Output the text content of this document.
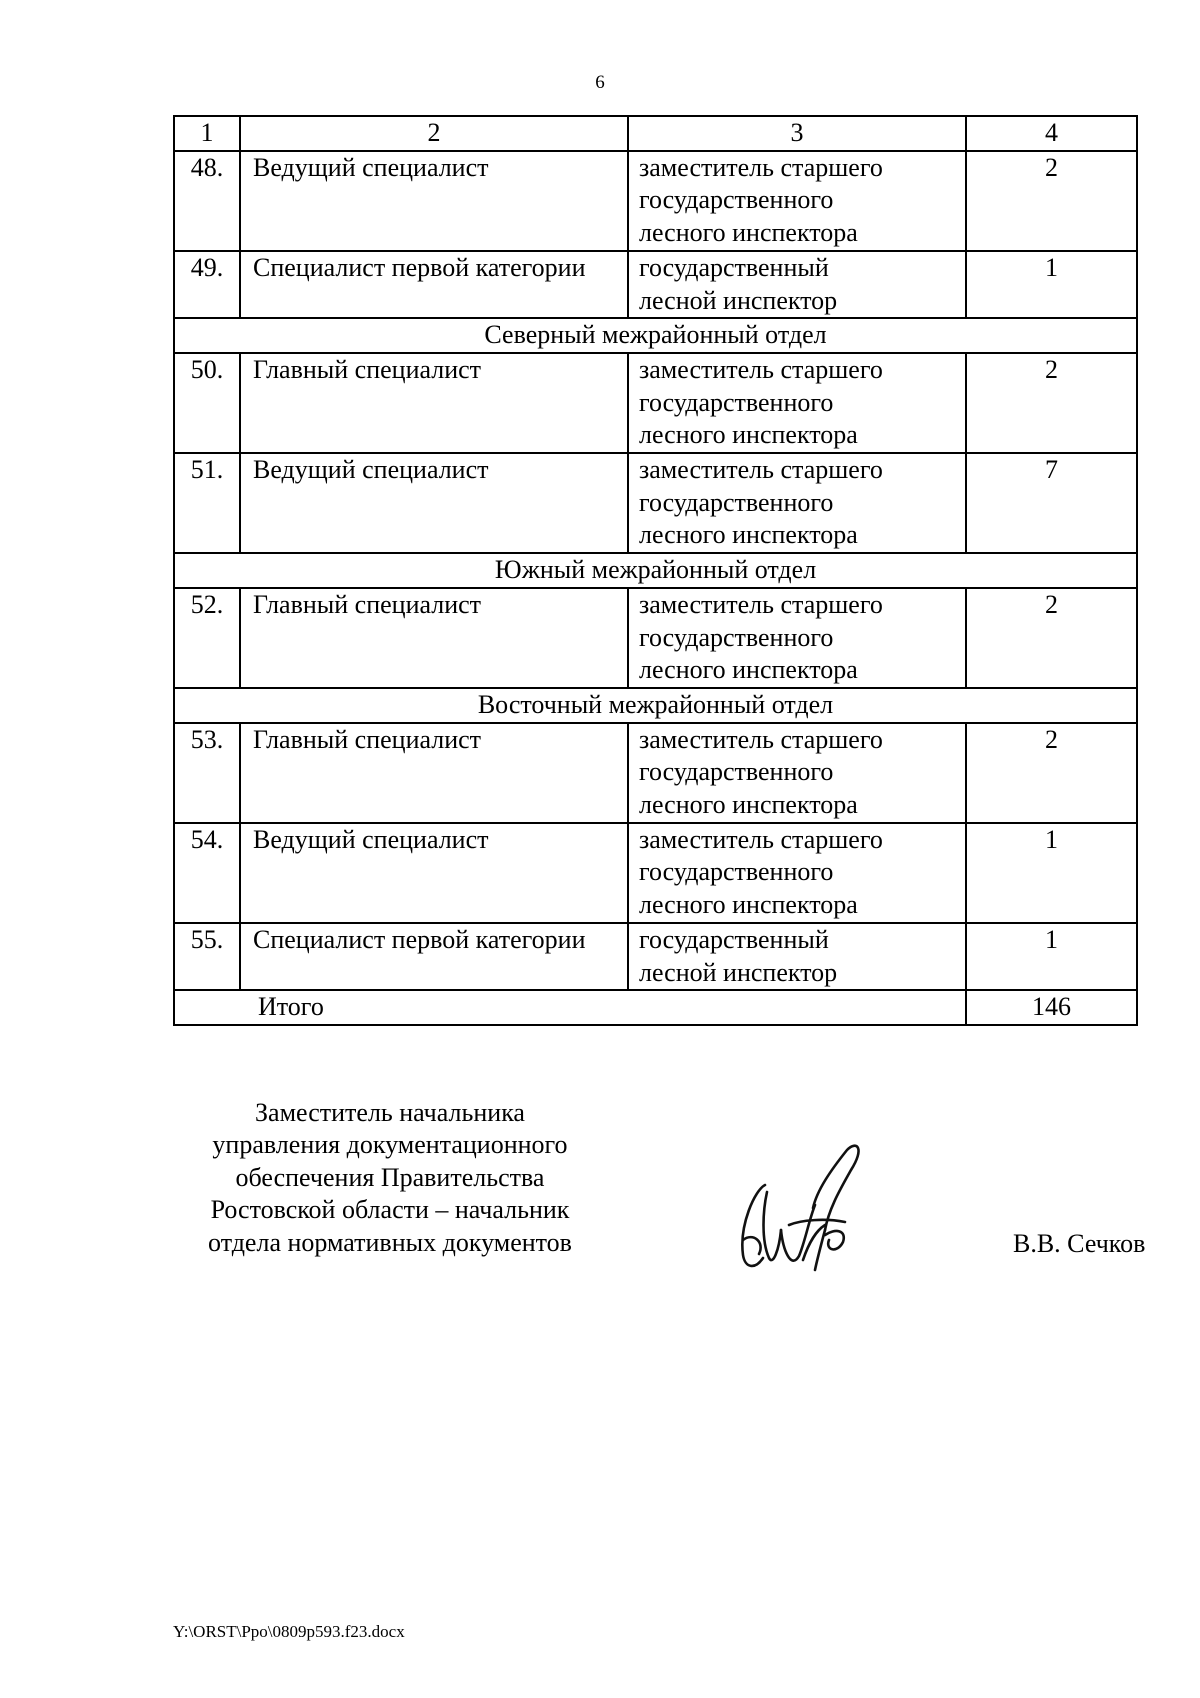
6
1	2	3	4
48.	Ведущий специалист	заместитель старшего
государственного
лесного инспектора	2
49.	Специалист первой категории	государственный
лесной инспектор	1
Северный межрайонный отдел			
50.	Главный специалист	заместитель старшего
государственного
лесного инспектора	2
51.	Ведущий специалист	заместитель старшего
государственного
лесного инспектора	7
Южный межрайонный отдел			
52.	Главный специалист	заместитель старшего
государственного
лесного инспектора	2
Восточный межрайонный отдел			
53.	Главный специалист	заместитель старшего
государственного
лесного инспектора	2
54.	Ведущий специалист	заместитель старшего
государственного
лесного инспектора	1
55.	Специалист первой категории	государственный
лесной инспектор	1
Итого			146
Заместитель начальника
управления документационного
обеспечения Правительства
Ростовской области – начальник
отдела нормативных документов	В.В. Сечков
Y:\ORST\Ppo\0809p593.f23.docx
